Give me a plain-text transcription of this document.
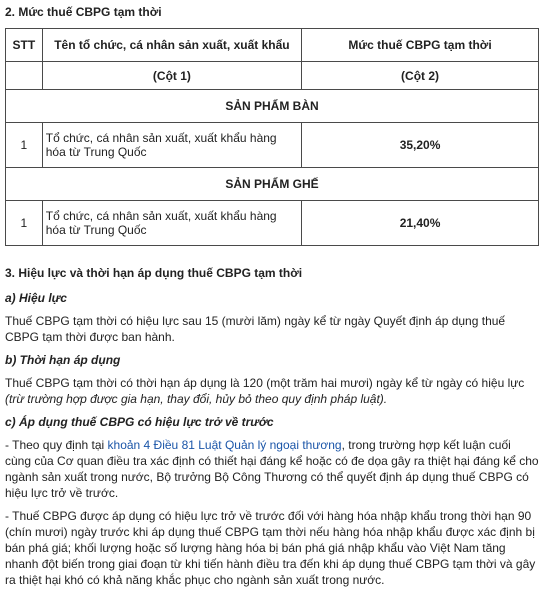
2. Mức thuế CBPG tạm thời
STT	Tên tổ chức, cá nhân sản xuất, xuất khẩu	Mức thuế CBPG tạm thời
	(Cột 1)	(Cột 2)
SẢN PHẨM BÀN		
1	Tổ chức, cá nhân sản xuất, xuất khẩu hàng hóa từ Trung Quốc	35,20%
SẢN PHẨM GHẾ		
1	Tổ chức, cá nhân sản xuất, xuất khẩu hàng hóa từ Trung Quốc	21,40%
3. Hiệu lực và thời hạn áp dụng thuế CBPG tạm thời
a) Hiệu lực
Thuế CBPG tạm thời có hiệu lực sau 15 (mười lăm) ngày kể từ ngày Quyết định áp dụng thuế CBPG tạm thời được ban hành.
b) Thời hạn áp dụng
Thuế CBPG tạm thời có thời hạn áp dụng là 120 (một trăm hai mươi) ngày kể từ ngày có hiệu lực (trừ trường hợp được gia hạn, thay đổi, hủy bỏ theo quy định pháp luật).
c) Áp dụng thuế CBPG có hiệu lực trở về trước
- Theo quy định tại khoản 4 Điều 81 Luật Quản lý ngoại thương, trong trường hợp kết luận cuối cùng của Cơ quan điều tra xác định có thiết hại đáng kể hoặc có đe dọa gây ra thiệt hại đáng kể cho ngành sản xuất trong nước, Bộ trưởng Bộ Công Thương có thể quyết định áp dụng thuế CBPG có hiệu lực trở về trước.
- Thuế CBPG được áp dụng có hiệu lực trở về trước đối với hàng hóa nhập khẩu trong thời hạn 90 (chín mươi) ngày trước khi áp dụng thuế CBPG tạm thời nếu hàng hóa nhập khẩu được xác định bị bán phá giá; khối lượng hoặc số lượng hàng hóa bị bán phá giá nhập khẩu vào Việt Nam tăng nhanh đột biến trong giai đoạn từ khi tiến hành điều tra đến khi áp dụng thuế CBPG tạm thời và gây ra thiệt hại khó có khả năng khắc phục cho ngành sản xuất trong nước.
